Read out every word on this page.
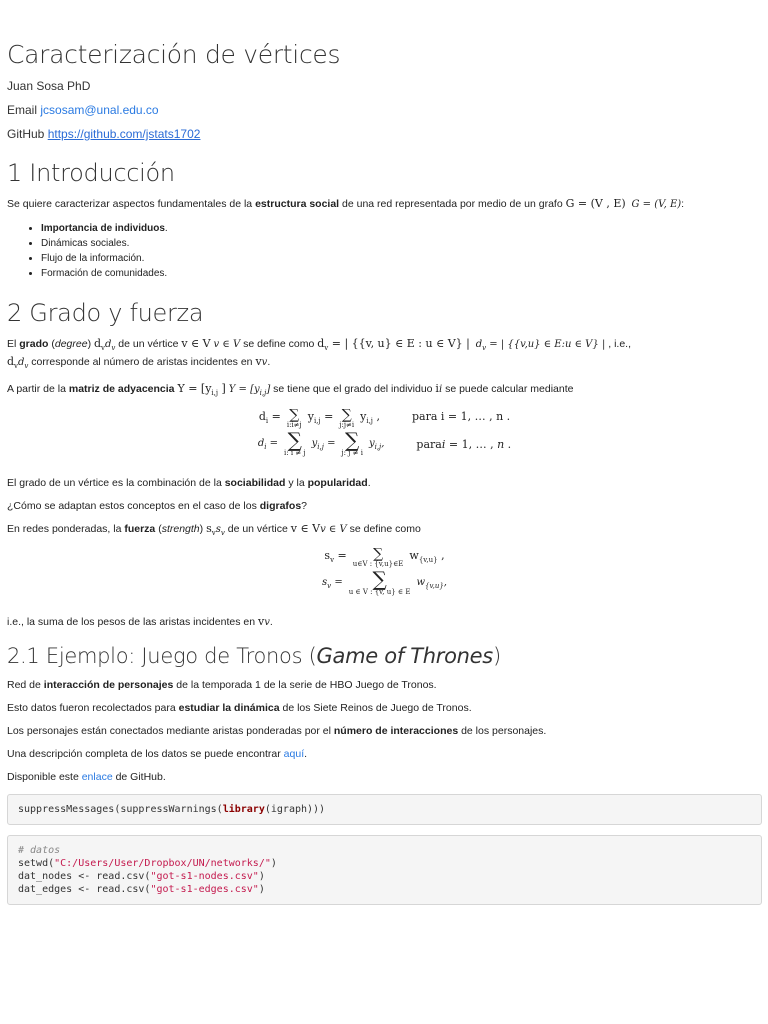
Caracterización de vértices
Juan Sosa PhD
Email jcsosam@unal.edu.co
GitHub https://github.com/jstats1702
1 Introducción

Se quiere caracterizar aspectos fundamentales de la estructura social de una red representada por medio de un grafo G = (V , E) G = (V, E):

• Importancia de individuos.
• Dinámicas sociales.
• Flujo de la información.
• Formación de comunidades.
2 Grado y fuerza

El grado (degree) $d_vd_v$ de un vértice v ∈ V v ∈ V se define como $d_v$ = | {{v, u} ∈ E : u ∈ V} | $d_v$ = | {{v,u} ∈ E:u ∈ V} | , i.e.,
$d_vd_v$ corresponde al número de aristas incidentes en vv.

A partir de la matriz de adyacencia $Y = [y_{i,j}$ ] $Y = [y_{i,j}]$ se tiene que el grado del individuo ii se puede calcular mediante

$d_i$ = ∑
i:i≠j
$y_{i,j}$ = ∑
j:j≠i
$y_{i,j}$ ,	para i = 1, … , n .
$d_i$ = ∑
i: i ≠ j
$y_{i,j}$ = ∑
j: j ≠ i
$y_{i,j}$,	parai = 1, … , n .

El grado de un vértice es la combinación de la sociabilidad y la popularidad.

¿Cómo se adaptan estos conceptos en el caso de los digrafos?

En redes ponderadas, la fuerza (strength) $s_vs_v$ de un vértice v ∈ Vv ∈ V se define como

$s_v$ = ∑
u∈V : {v,u}∈E
$w_{\{v,u\}}$ ,
$s_v$ = ∑
u ∈ V : {v, u} ∈ E
$w_{\{v,u\}}$,

i.e., la suma de los pesos de las aristas incidentes en vv.

2.1 Ejemplo: Juego de Tronos (Game of Thrones)

Red de interacción de personajes de la temporada 1 de la serie de HBO Juego de Tronos.

Esto datos fueron recolectados para estudiar la dinámica de los Siete Reinos de Juego de Tronos.

Los personajes están conectados mediante aristas ponderadas por el número de interacciones de los personajes.

Una descripción completa de los datos se puede encontrar aquí.

Disponible este enlace de GitHub.

suppressMessages(suppressWarnings(library(igraph)))
# datos
setwd("C:/Users/User/Dropbox/UN/networks/")
dat_nodes <- read.csv("got-s1-nodes.csv")
dat_edges <- read.csv("got-s1-edges.csv")
